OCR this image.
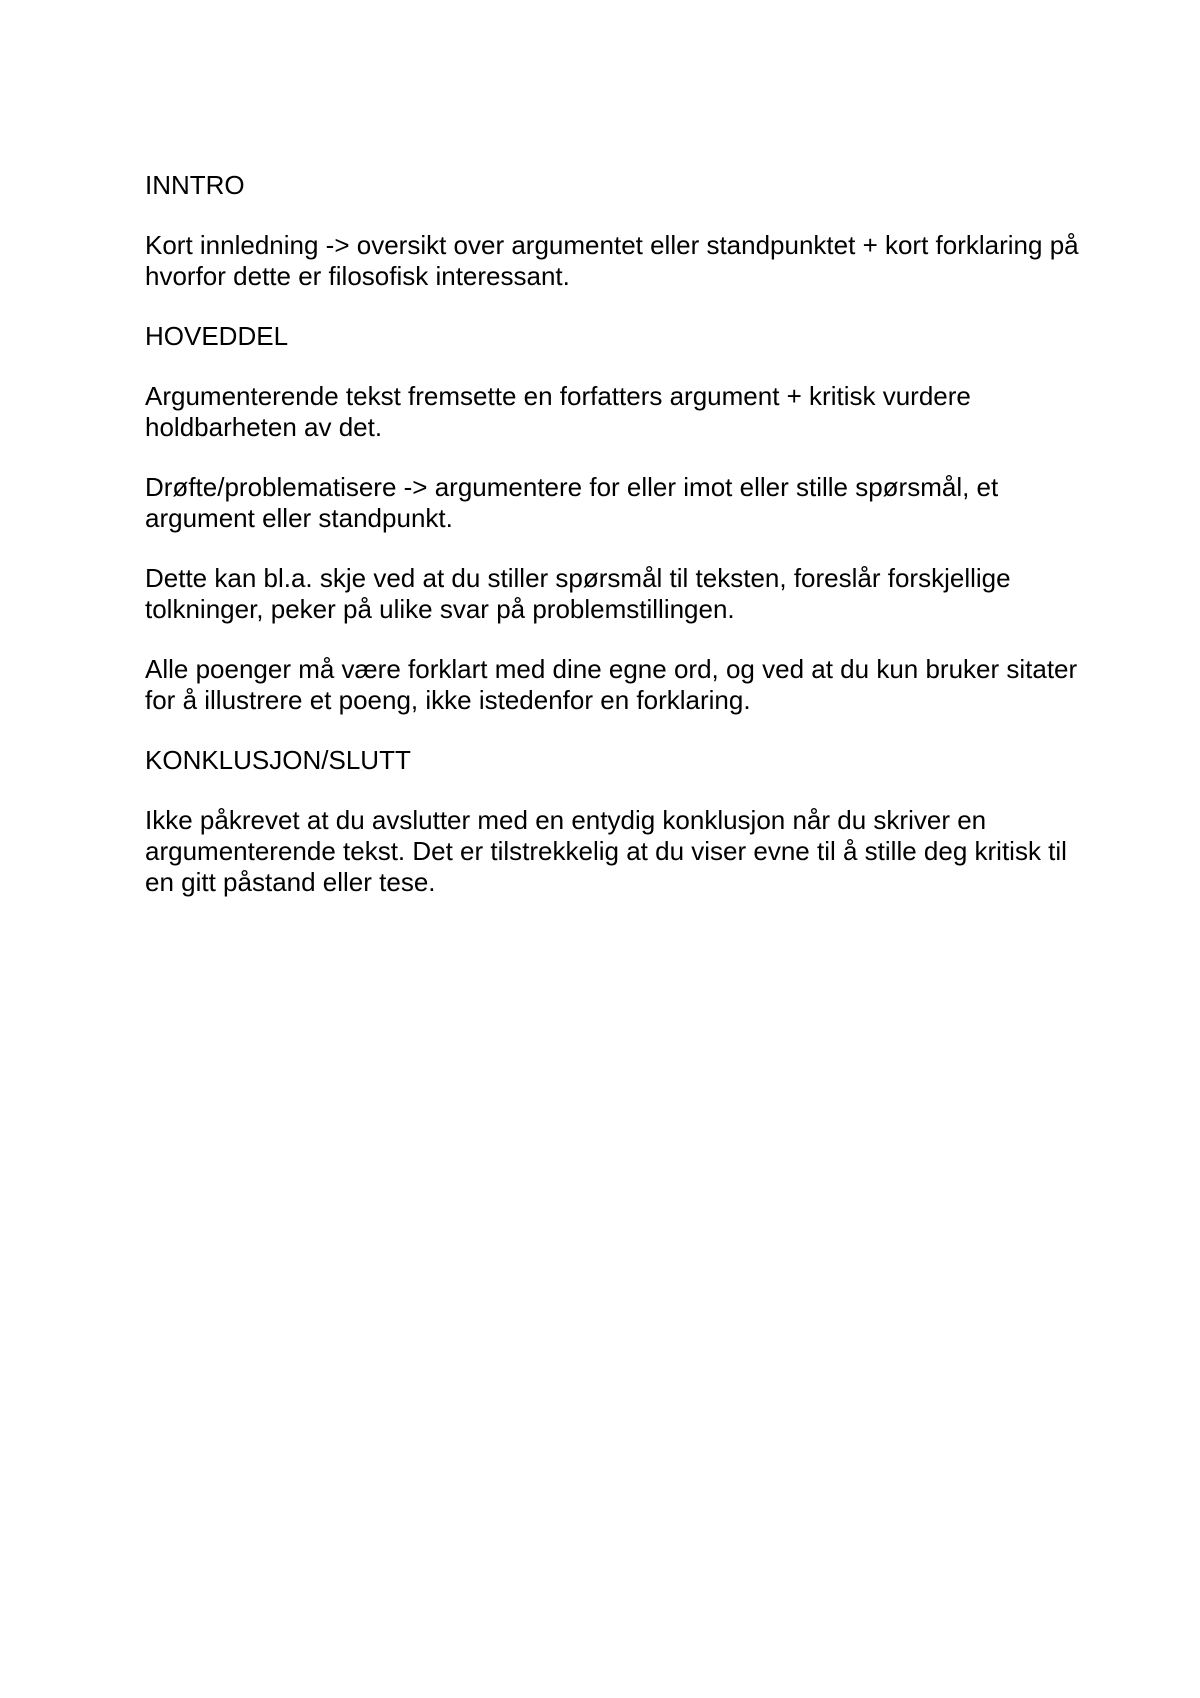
INNTRO

Kort innledning -> oversikt over argumentet eller standpunktet + kort forklaring på hvorfor dette er filosofisk interessant.

HOVEDDEL

Argumenterende tekst fremsette en forfatters argument + kritisk vurdere holdbarheten av det.

Drøfte/problematisere -> argumentere for eller imot eller stille spørsmål, et argument eller standpunkt.

Dette kan bl.a. skje ved at du stiller spørsmål til teksten, foreslår forskjellige tolkninger, peker på ulike svar på problemstillingen.

Alle poenger må være forklart med dine egne ord, og ved at du kun bruker sitater for å illustrere et poeng, ikke istedenfor en forklaring.

KONKLUSJON/SLUTT

Ikke påkrevet at du avslutter med en entydig konklusjon når du skriver en argumenterende tekst. Det er tilstrekkelig at du viser evne til å stille deg kritisk til en gitt påstand eller tese.
